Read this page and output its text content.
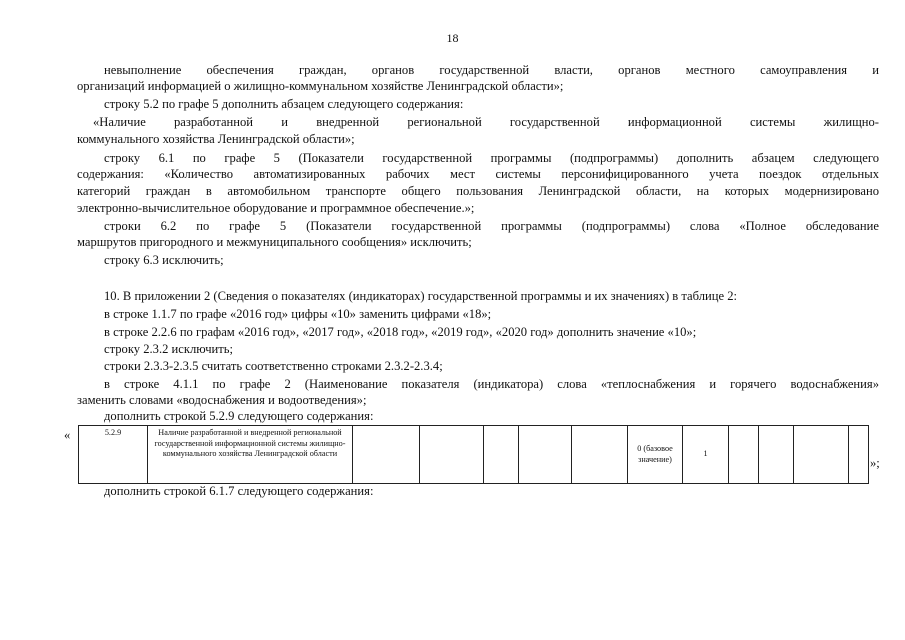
18
невыполнение обеспечения граждан, органов государственной власти, органов местного самоуправления и
организаций информацией о жилищно-коммунальном хозяйстве Ленинградской области»;
строку 5.2 по графе 5 дополнить абзацем следующего содержания:
«Наличие разработанной и внедренной региональной государственной информационной системы жилищно-
коммунального хозяйства Ленинградской области»;
строку 6.1 по графе 5 (Показатели государственной программы (подпрограммы) дополнить абзацем следующего
содержания: «Количество автоматизированных рабочих мест системы персонифицированного учета поездок отдельных
категорий граждан в автомобильном транспорте общего пользования Ленинградской области, на которых модернизировано
электронно-вычислительное оборудование и программное обеспечение.»;
строки 6.2 по графе 5 (Показатели государственной программы (подпрограммы) слова «Полное обследование
маршрутов пригородного и межмуниципального сообщения» исключить;
строку 6.3 исключить;
10. В приложении 2 (Сведения о показателях (индикаторах) государственной программы и их значениях) в таблице 2:
в строке 1.1.7 по графе «2016 год» цифры «10» заменить цифрами «18»;
в строке 2.2.6 по графам «2016 год», «2017 год», «2018 год», «2019 год», «2020 год» дополнить значение «10»;
строку 2.3.2 исключить;
строки 2.3.3-2.3.5 считать соответственно строками 2.3.2-2.3.4;
в строке 4.1.1 по графе 2 (Наименование показателя (индикатора) слова «теплоснабжения и горячего водоснабжения»
заменить словами «водоснабжения и водоотведения»;
дополнить строкой 5.2.9 следующего содержания:
«	5.2.9	Наличие разработанной и внедренной региональной государственной информационной системы жилищно-коммунального хозяйства Ленинградской области						0 (базовое значение)	1				
»;
дополнить строкой 6.1.7 следующего содержания:
